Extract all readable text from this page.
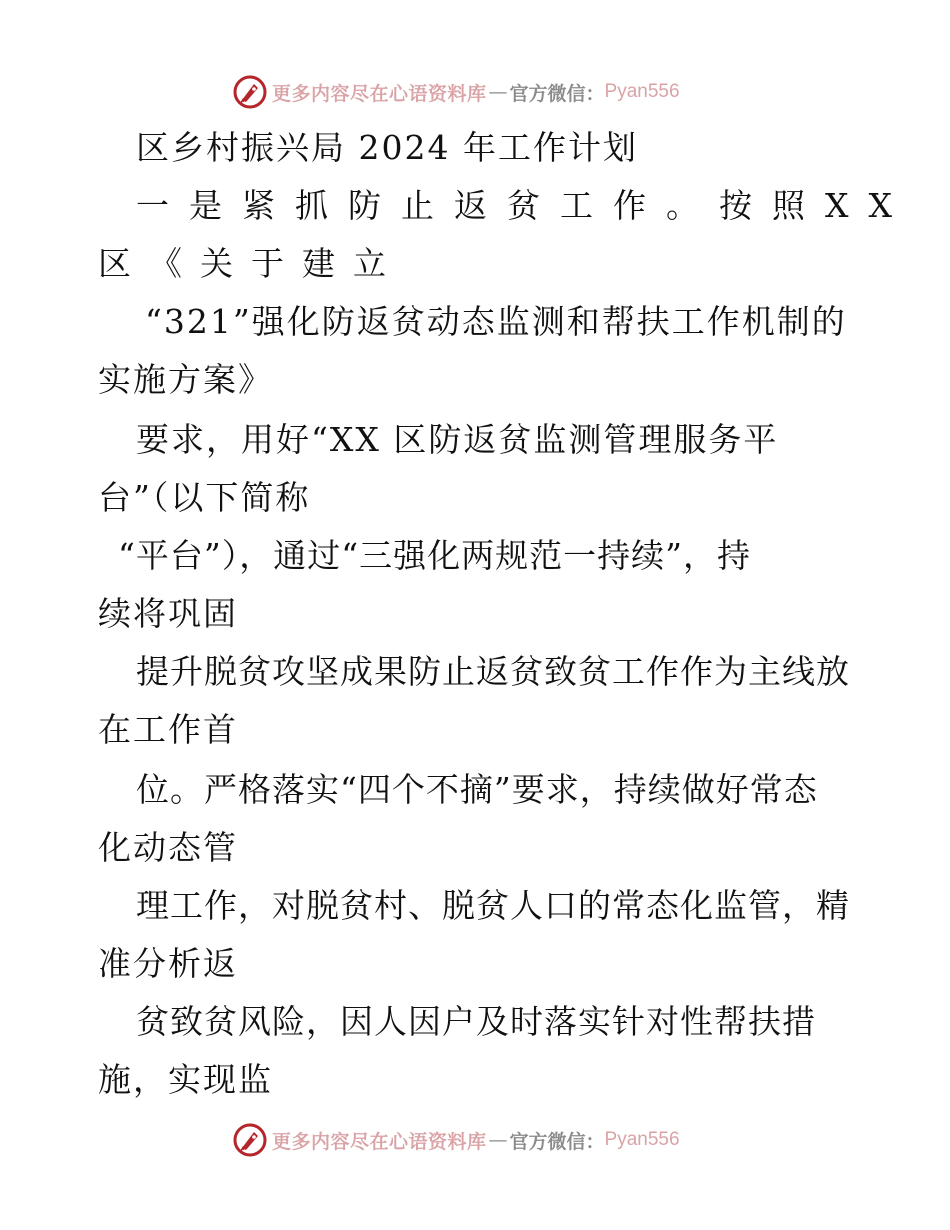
更多内容尽在心语资料库 — 官方微信： Pyan556
区乡村振兴局 2024 年工作计划
一是紧抓防止返贫工作。按照XX
区《关于建立
“321”强化防返贫动态监测和帮扶工作机制的
实施方案》
要求，用好“XX 区防返贫监测管理服务平
台”（以下简称
“平台”），通过“三强化两规范一持续”，持
续将巩固
提升脱贫攻坚成果防止返贫致贫工作作为主线放
在工作首
位。严格落实“四个不摘”要求，持续做好常态
化动态管
理工作，对脱贫村、脱贫人口的常态化监管，精
准分析返
贫致贫风险，因人因户及时落实针对性帮扶措
施，实现监
更多内容尽在心语资料库 — 官方微信： Pyan556
